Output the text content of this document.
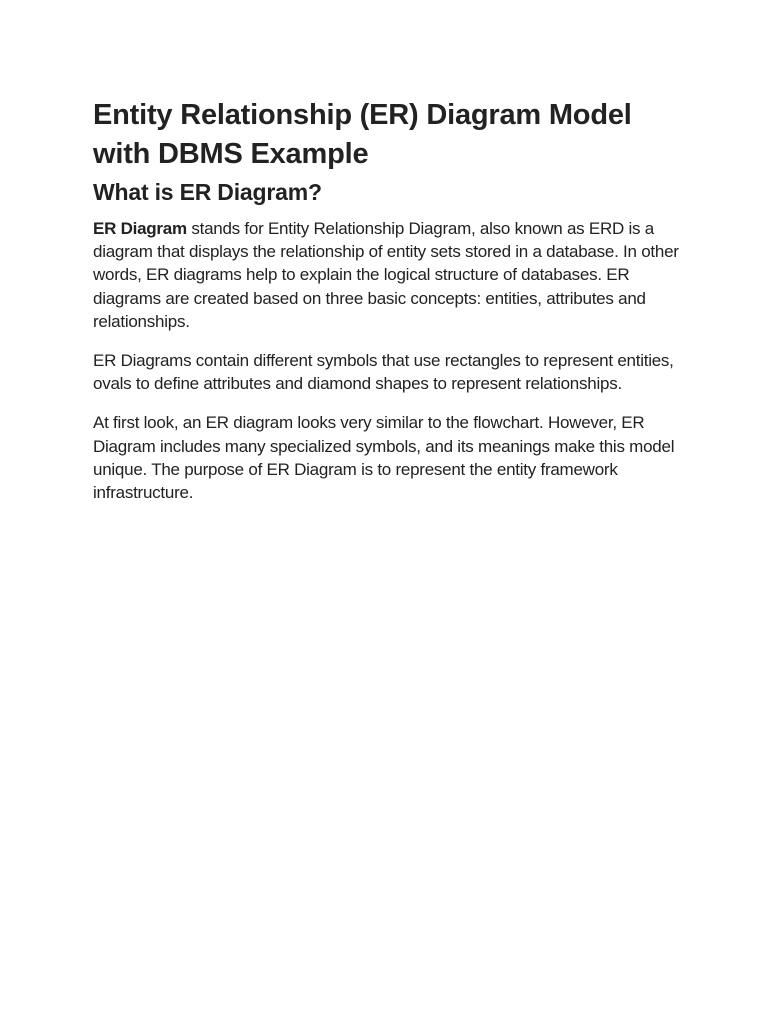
Entity Relationship (ER) Diagram Model with DBMS Example
What is ER Diagram?

ER Diagram stands for Entity Relationship Diagram, also known as ERD is a diagram that displays the relationship of entity sets stored in a database. In other words, ER diagrams help to explain the logical structure of databases. ER diagrams are created based on three basic concepts: entities, attributes and relationships.

ER Diagrams contain different symbols that use rectangles to represent entities, ovals to define attributes and diamond shapes to represent relationships.

At first look, an ER diagram looks very similar to the flowchart. However, ER Diagram includes many specialized symbols, and its meanings make this model unique. The purpose of ER Diagram is to represent the entity framework infrastructure.
